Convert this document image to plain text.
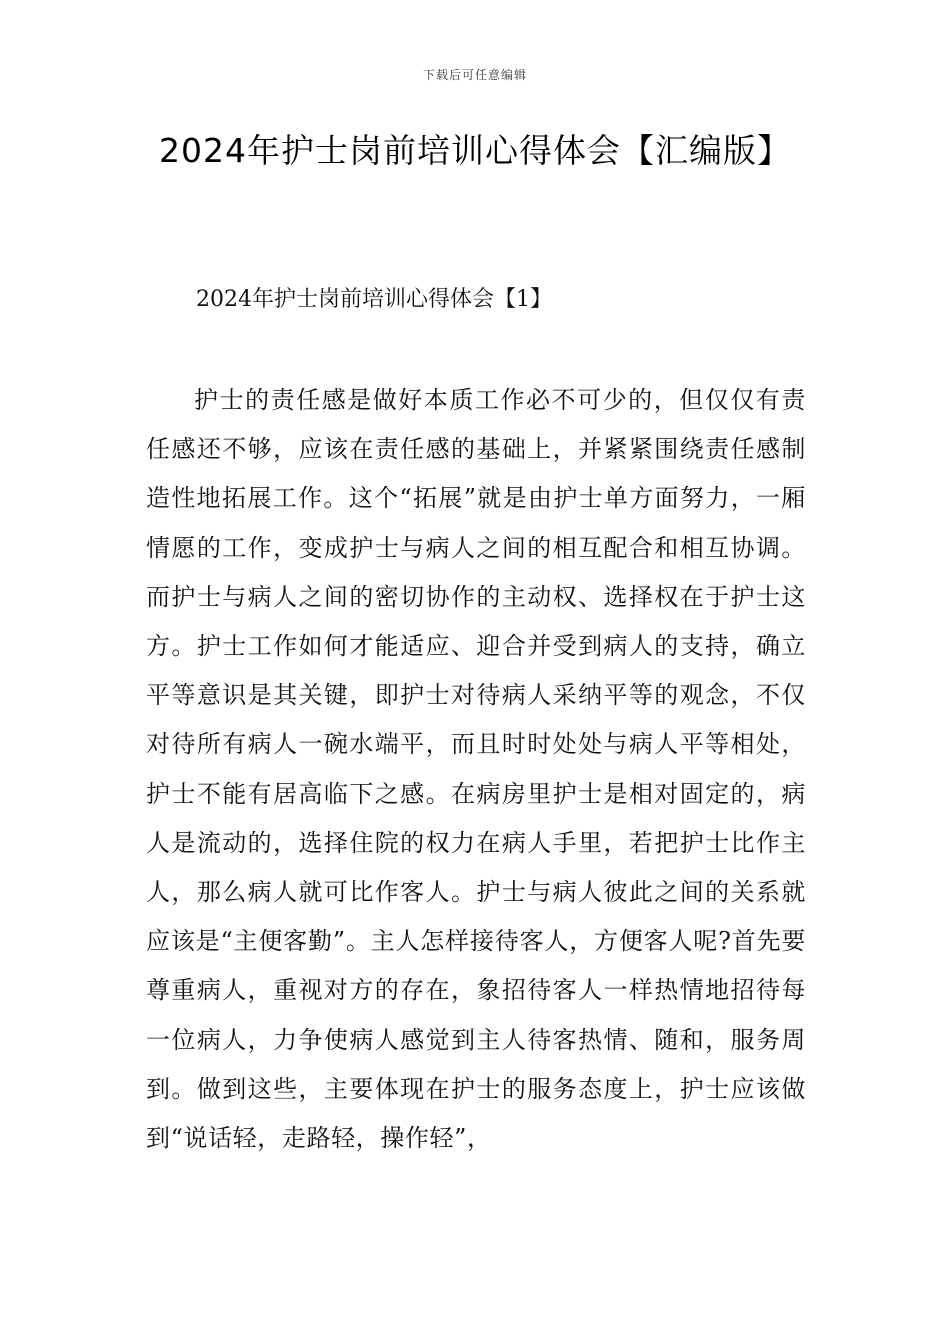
下载后可任意编辑
2024年护士岗前培训心得体会【汇编版】
2024年护士岗前培训心得体会【1】

护士的责任感是做好本质工作必不可少的，但仅仅有责任感还不够，应该在责任感的基础上，并紧紧围绕责任感制造性地拓展工作。这个“拓展”就是由护士单方面努力，一厢情愿的工作，变成护士与病人之间的相互配合和相互协调。而护士与病人之间的密切协作的主动权、选择权在于护士这方。护士工作如何才能适应、迎合并受到病人的支持，确立平等意识是其关键，即护士对待病人采纳平等的观念，不仅对待所有病人一碗水端平，而且时时处处与病人平等相处，护士不能有居高临下之感。在病房里护士是相对固定的，病人是流动的，选择住院的权力在病人手里，若把护士比作主人，那么病人就可比作客人。护士与病人彼此之间的关系就应该是“主便客勤”。主人怎样接待客人，方便客人呢?首先要尊重病人，重视对方的存在，象招待客人一样热情地招待每一位病人，力争使病人感觉到主人待客热情、随和，服务周到。做到这些，主要体现在护士的服务态度上，护士应该做到“说话轻，走路轻，操作轻”，
